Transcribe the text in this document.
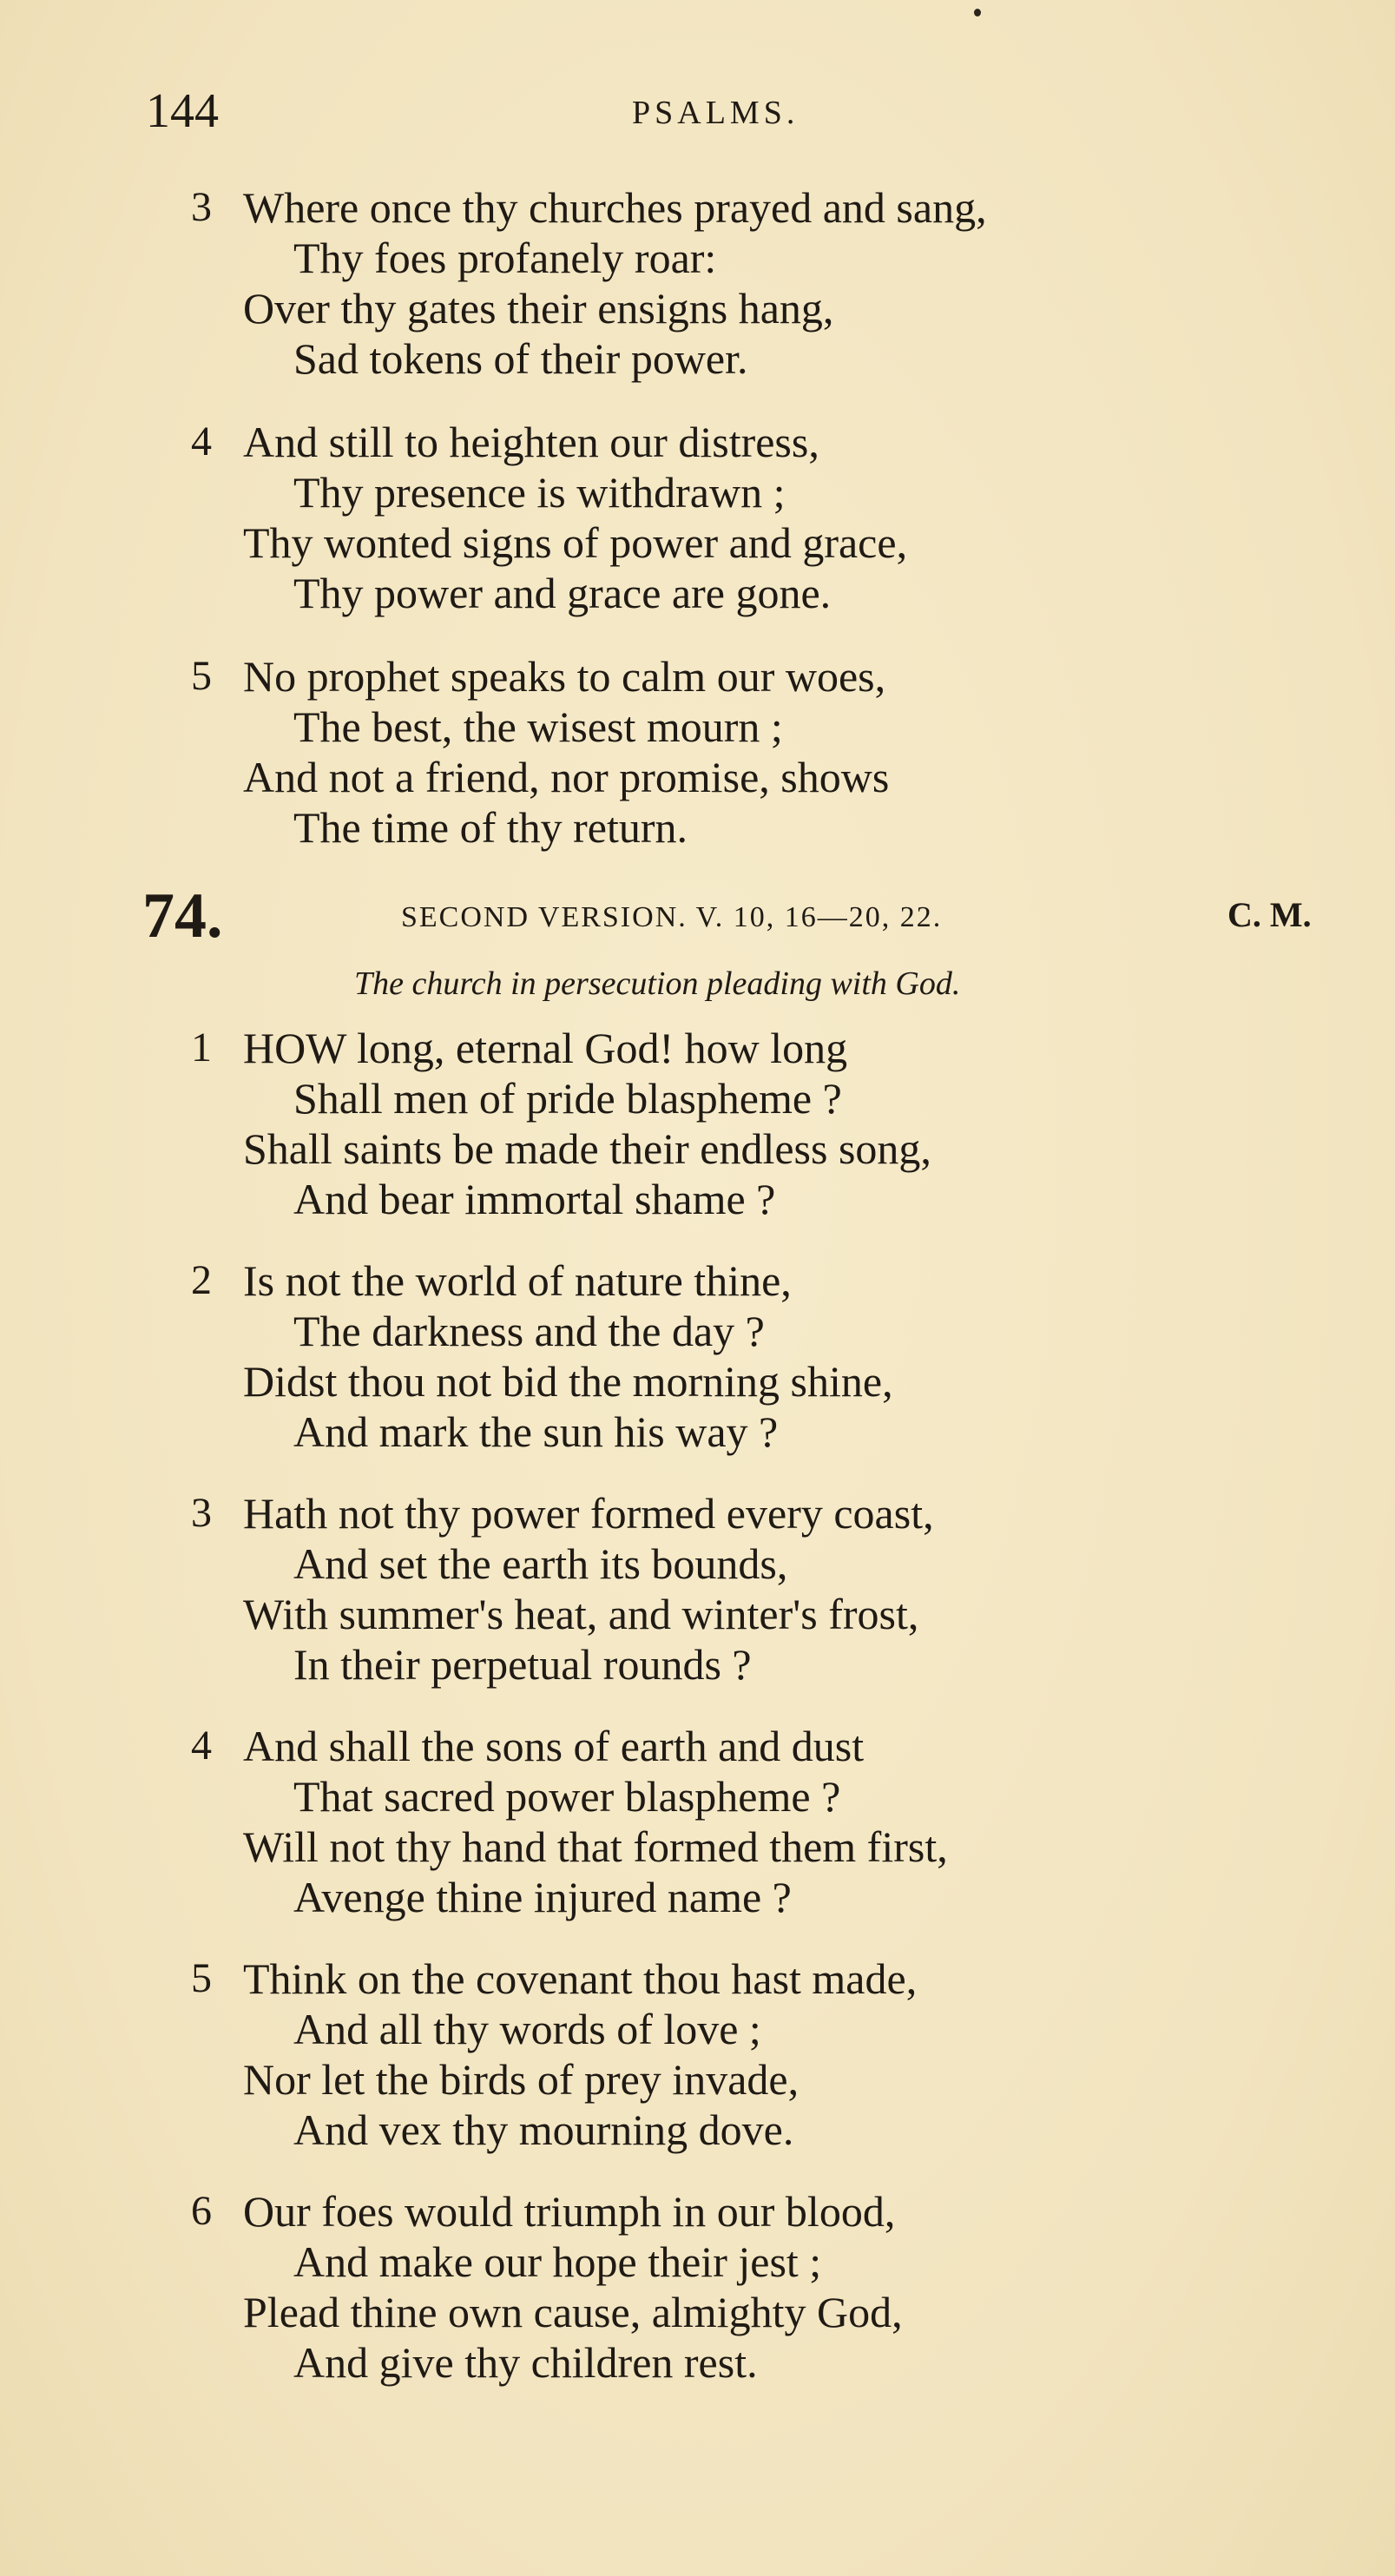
144	PSALMS.
3 Where once thy churches prayed and sang,
Thy foes profanely roar:
Over thy gates their ensigns hang,
Sad tokens of their power.
4 And still to heighten our distress,
Thy presence is withdrawn ;
Thy wonted signs of power and grace,
Thy power and grace are gone.
5 No prophet speaks to calm our woes,
The best, the wisest mourn ;
And not a friend, nor promise, shows
The time of thy return.
74.	SECOND VERSION. V. 10, 16—20, 22.	C. M.
The church in persecution pleading with God.
1 HOW long, eternal God! how long
Shall men of pride blaspheme ?
Shall saints be made their endless song,
And bear immortal shame ?
2 Is not the world of nature thine,
The darkness and the day ?
Didst thou not bid the morning shine,
And mark the sun his way ?
3 Hath not thy power formed every coast,
And set the earth its bounds,
With summer's heat, and winter's frost,
In their perpetual rounds ?
4 And shall the sons of earth and dust
That sacred power blaspheme ?
Will not thy hand that formed them first,
Avenge thine injured name ?
5 Think on the covenant thou hast made,
And all thy words of love ;
Nor let the birds of prey invade,
And vex thy mourning dove.
6 Our foes would triumph in our blood,
And make our hope their jest ;
Plead thine own cause, almighty God,
And give thy children rest.
